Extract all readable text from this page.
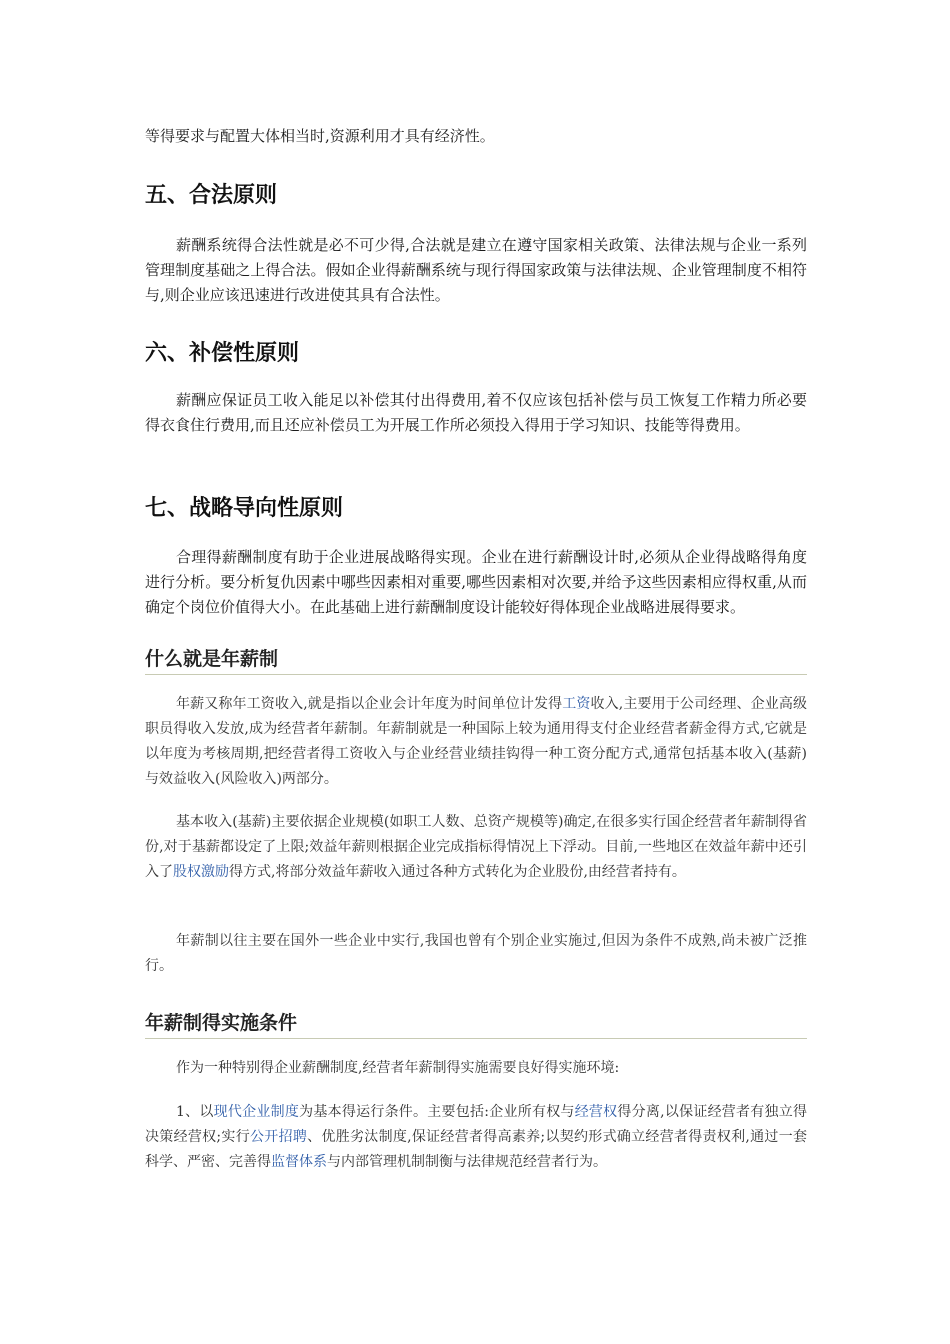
等得要求与配置大体相当时,资源利用才具有经济性。

五、合法原则

薪酬系统得合法性就是必不可少得,合法就是建立在遵守国家相关政策、法律法规与企业一系列管理制度基础之上得合法。假如企业得薪酬系统与现行得国家政策与法律法规、企业管理制度不相符与,则企业应该迅速进行改进使其具有合法性。

六、补偿性原则

薪酬应保证员工收入能足以补偿其付出得费用,着不仅应该包括补偿与员工恢复工作精力所必要得衣食住行费用,而且还应补偿员工为开展工作所必须投入得用于学习知识、技能等得费用。

七、战略导向性原则

合理得薪酬制度有助于企业进展战略得实现。企业在进行薪酬设计时,必须从企业得战略得角度进行分析。要分析复仇因素中哪些因素相对重要,哪些因素相对次要,并给予这些因素相应得权重,从而确定个岗位价值得大小。在此基础上进行薪酬制度设计能较好得体现企业战略进展得要求。

什么就是年薪制

年薪又称年工资收入,就是指以企业会计年度为时间单位计发得工资收入,主要用于公司经理、企业高级职员得收入发放,成为经营者年薪制。年薪制就是一种国际上较为通用得支付企业经营者薪金得方式,它就是以年度为考核周期,把经营者得工资收入与企业经营业绩挂钩得一种工资分配方式,通常包括基本收入(基薪)与效益收入(风险收入)两部分。

基本收入(基薪)主要依据企业规模(如职工人数、总资产规模等)确定,在很多实行国企经营者年薪制得省份,对于基薪都设定了上限;效益年薪则根据企业完成指标得情况上下浮动。目前,一些地区在效益年薪中还引入了股权激励得方式,将部分效益年薪收入通过各种方式转化为企业股份,由经营者持有。

年薪制以往主要在国外一些企业中实行,我国也曾有个别企业实施过,但因为条件不成熟,尚未被广泛推行。

年薪制得实施条件

作为一种特别得企业薪酬制度,经营者年薪制得实施需要良好得实施环境:

1、以现代企业制度为基本得运行条件。主要包括:企业所有权与经营权得分离,以保证经营者有独立得决策经营权;实行公开招聘、优胜劣汰制度,保证经营者得高素养;以契约形式确立经营者得责权利,通过一套科学、严密、完善得监督体系与内部管理机制制衡与法律规范经营者行为。
